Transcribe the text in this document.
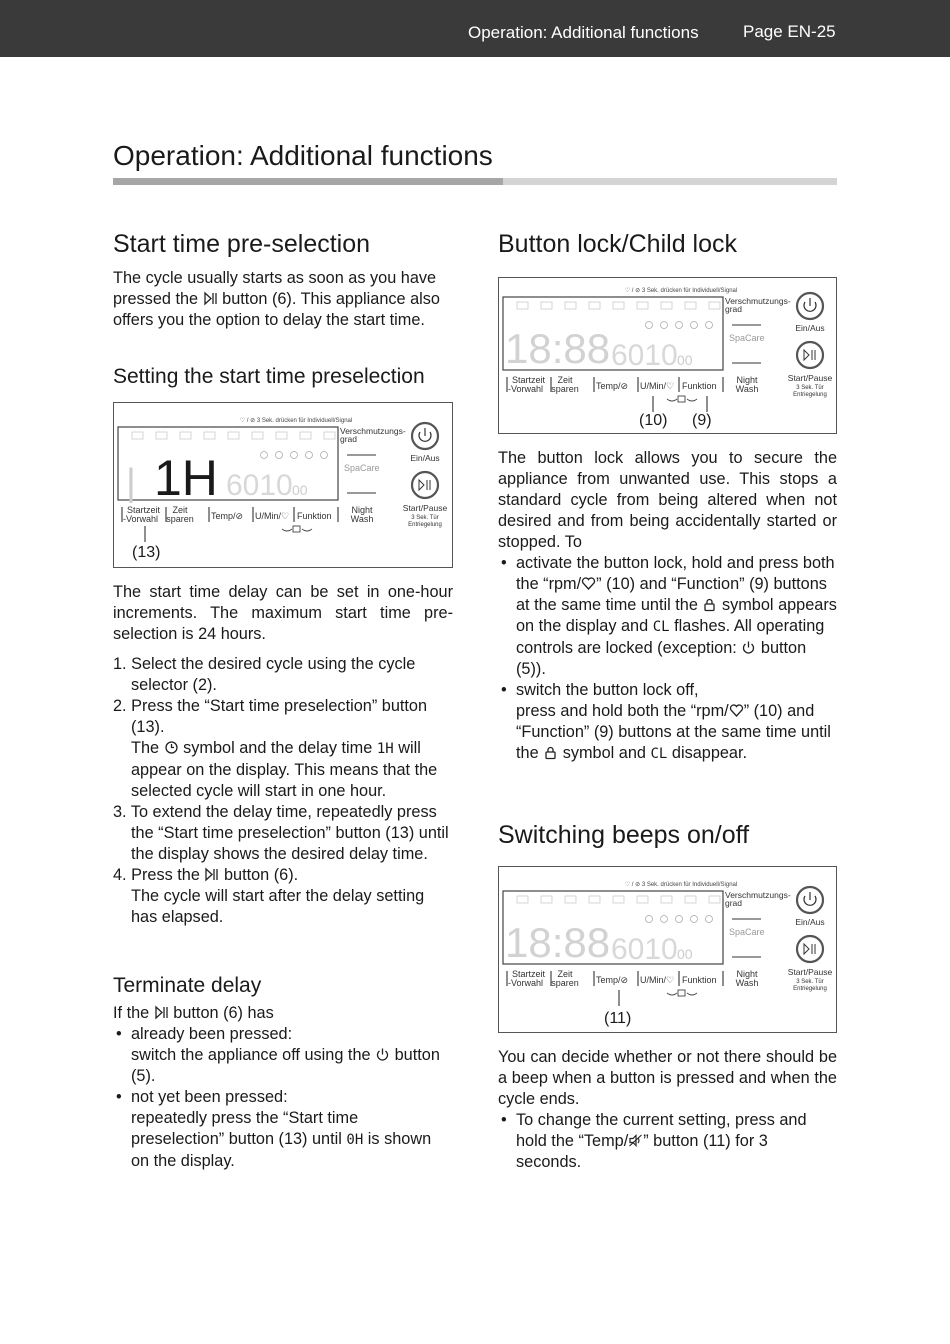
Operation: Additional functions	Page EN-25
Operation: Additional functions
Start time pre-selection
The cycle usually starts as soon as you have
pressed the button (6). This appliance also
offers you the option to delay the start time.
Setting the start time preselection
♡ / ⊘ 3 Sek. drücken für Individuell/Signal
| 1H 6010 00
Verschmutzungs-
grad
SpaCare
Ein/Aus
Start/Pause
3 Sek. Tür
Entriegelung
Startzeit
-Vorwahl
Zeit
sparen Temp/⊘ U/Min/♡ Funktion
Night
Wash
(13)
The start time delay can be set in one-hour increments. The maximum start time pre-selection is 24 hours.
1. Select the desired cycle using the cycle selector (2).
2. Press the “Start time preselection” button (13).
The symbol and the delay time 1H will appear on the display. This means that the selected cycle will start in one hour.
3. To extend the delay time, repeatedly press the “Start time preselection” button (13) until the display shows the desired delay time.
4. Press the button (6).
The cycle will start after the delay setting has elapsed.
Terminate delay
If the button (6) has
• already been pressed:
switch the appliance off using the button (5).
• not yet been pressed:
repeatedly press the “Start time preselection” button (13) until 0H is shown on the display.
Button lock/Child lock
♡ / ⊘ 3 Sek. drücken für Individuell/Signal
18:88 6010 00
Verschmutzungs-
grad
SpaCare
Ein/Aus
Start/Pause
3 Sek. Tür
Entriegelung
Startzeit
-Vorwahl
Zeit
sparen Temp/⊘ U/Min/♡ Funktion
Night
Wash
(10) (9)
The button lock allows you to secure the appliance from unwanted use. This stops a standard cycle from being altered when not desired and from being accidentally started or stopped. To
• activate the button lock, hold and press both the “rpm/ ” (10) and “Function” (9) buttons at the same time until the symbol appears on the display and CL flashes. All operating controls are locked (exception: button (5)).
• switch the button lock off,
press and hold both the “rpm/ ” (10) and “Function” (9) buttons at the same time until the symbol and CL disappear.
Switching beeps on/off
♡ / ⊘ 3 Sek. drücken für Individuell/Signal
18:88 6010 00
Verschmutzungs-
grad
SpaCare
Ein/Aus
Start/Pause
3 Sek. Tür
Entriegelung
Startzeit
-Vorwahl
Zeit
sparen Temp/⊘ U/Min/♡ Funktion
Night
Wash
(11)
You can decide whether or not there should be a beep when a button is pressed and when the cycle ends.
• To change the current setting, press and hold the “Temp/ ” button (11) for 3 seconds.
